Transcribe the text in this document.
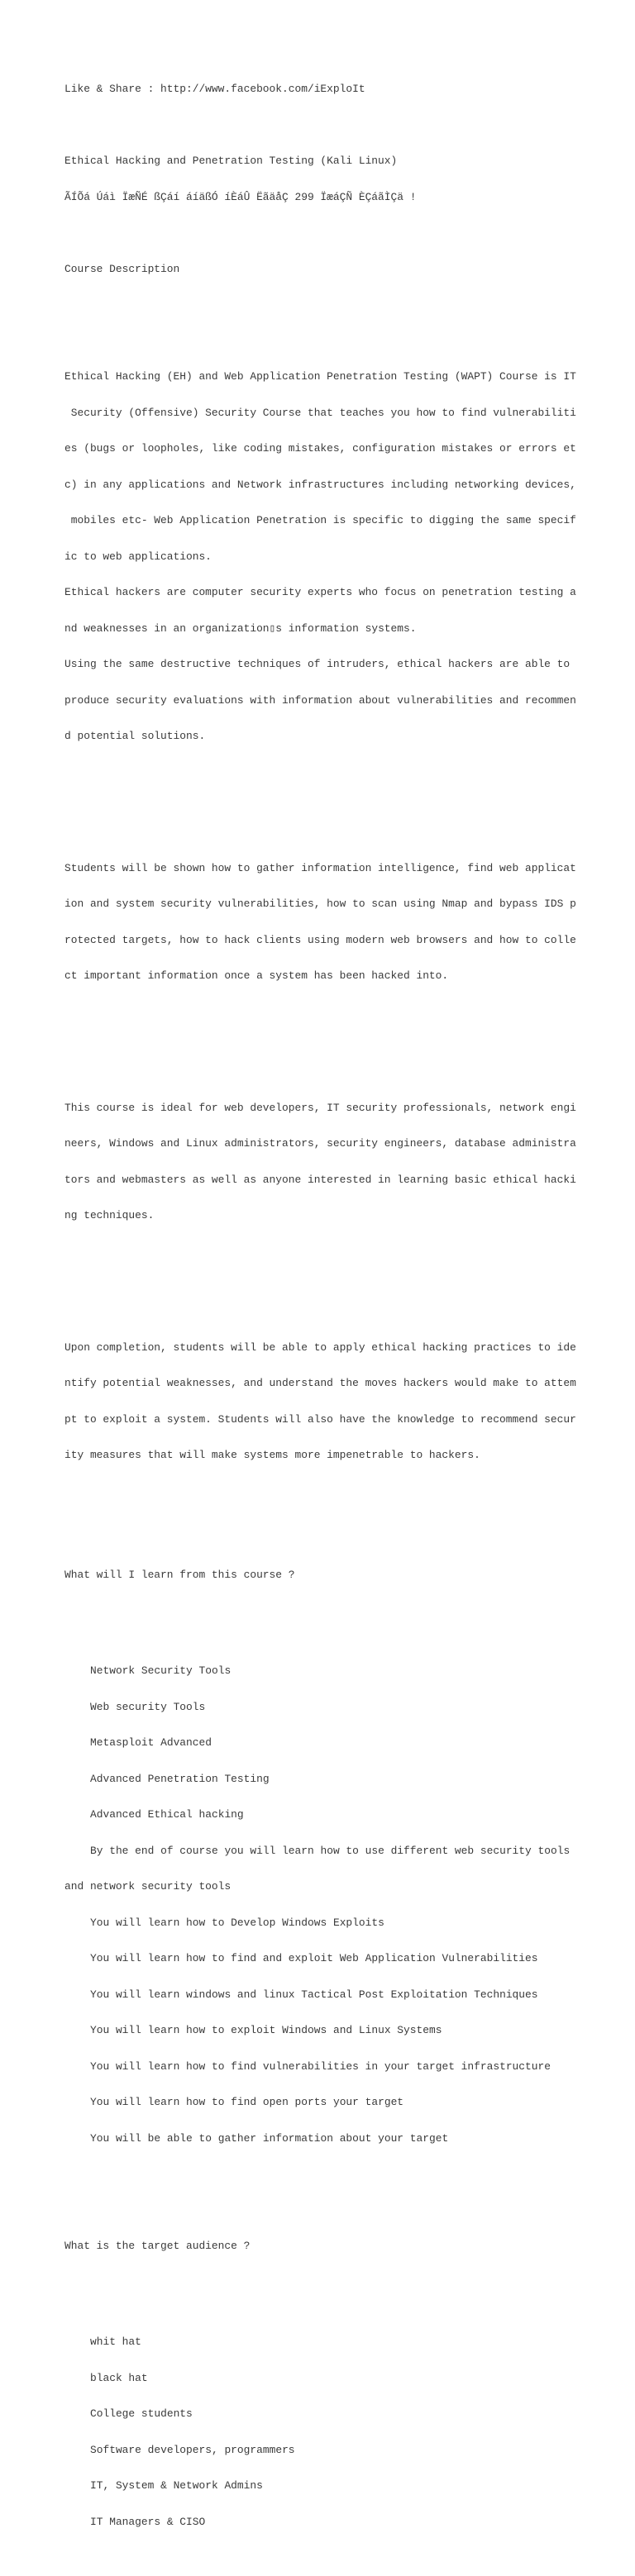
Like & Share : http://www.facebook.com/iExploIt

Ethical Hacking and Penetration Testing (Kali Linux)

ÃÍÕá Úáì ÏæÑÉ ßÇáí áíäßÓ íÈáÛ ËãäåÇ 299 ÏæáÇÑ ÈÇáãÌÇä !

Course Description

Ethical Hacking (EH) and Web Application Penetration Testing (WAPT) Course is IT

Security (Offensive) Security Course that teaches you how to find vulnerabiliti

es (bugs or loopholes, like coding mistakes, configuration mistakes or errors et

c) in any applications and Network infrastructures including networking devices,

mobiles etc- Web Application Penetration is specific to digging the same specif

ic to web applications.

Ethical hackers are computer security experts who focus on penetration testing a

nd weaknesses in an organization▯s information systems.

Using the same destructive techniques of intruders, ethical hackers are able to

produce security evaluations with information about vulnerabilities and recommen

d potential solutions.

Students will be shown how to gather information intelligence, find web applicat

ion and system security vulnerabilities, how to scan using Nmap and bypass IDS p

rotected targets, how to hack clients using modern web browsers and how to colle

ct important information once a system has been hacked into.

This course is ideal for web developers, IT security professionals, network engi

neers, Windows and Linux administrators, security engineers, database administra

tors and webmasters as well as anyone interested in learning basic ethical hacki

ng techniques.

Upon completion, students will be able to apply ethical hacking practices to ide

ntify potential weaknesses, and understand the moves hackers would make to attem

pt to exploit a system. Students will also have the knowledge to recommend secur

ity measures that will make systems more impenetrable to hackers.

What will I learn from this course ?

Network Security Tools

Web security Tools

Metasploit Advanced

Advanced Penetration Testing

Advanced Ethical hacking

By the end of course you will learn how to use different web security tools

and network security tools

You will learn how to Develop Windows Exploits

You will learn how to find and exploit Web Application Vulnerabilities

You will learn windows and linux Tactical Post Exploitation Techniques

You will learn how to exploit Windows and Linux Systems

You will learn how to find vulnerabilities in your target infrastructure

You will learn how to find open ports your target

You will be able to gather information about your target

What is the target audience ?

whit hat

black hat

College students

Software developers, programmers

IT, System & Network Admins

IT Managers & CISO
